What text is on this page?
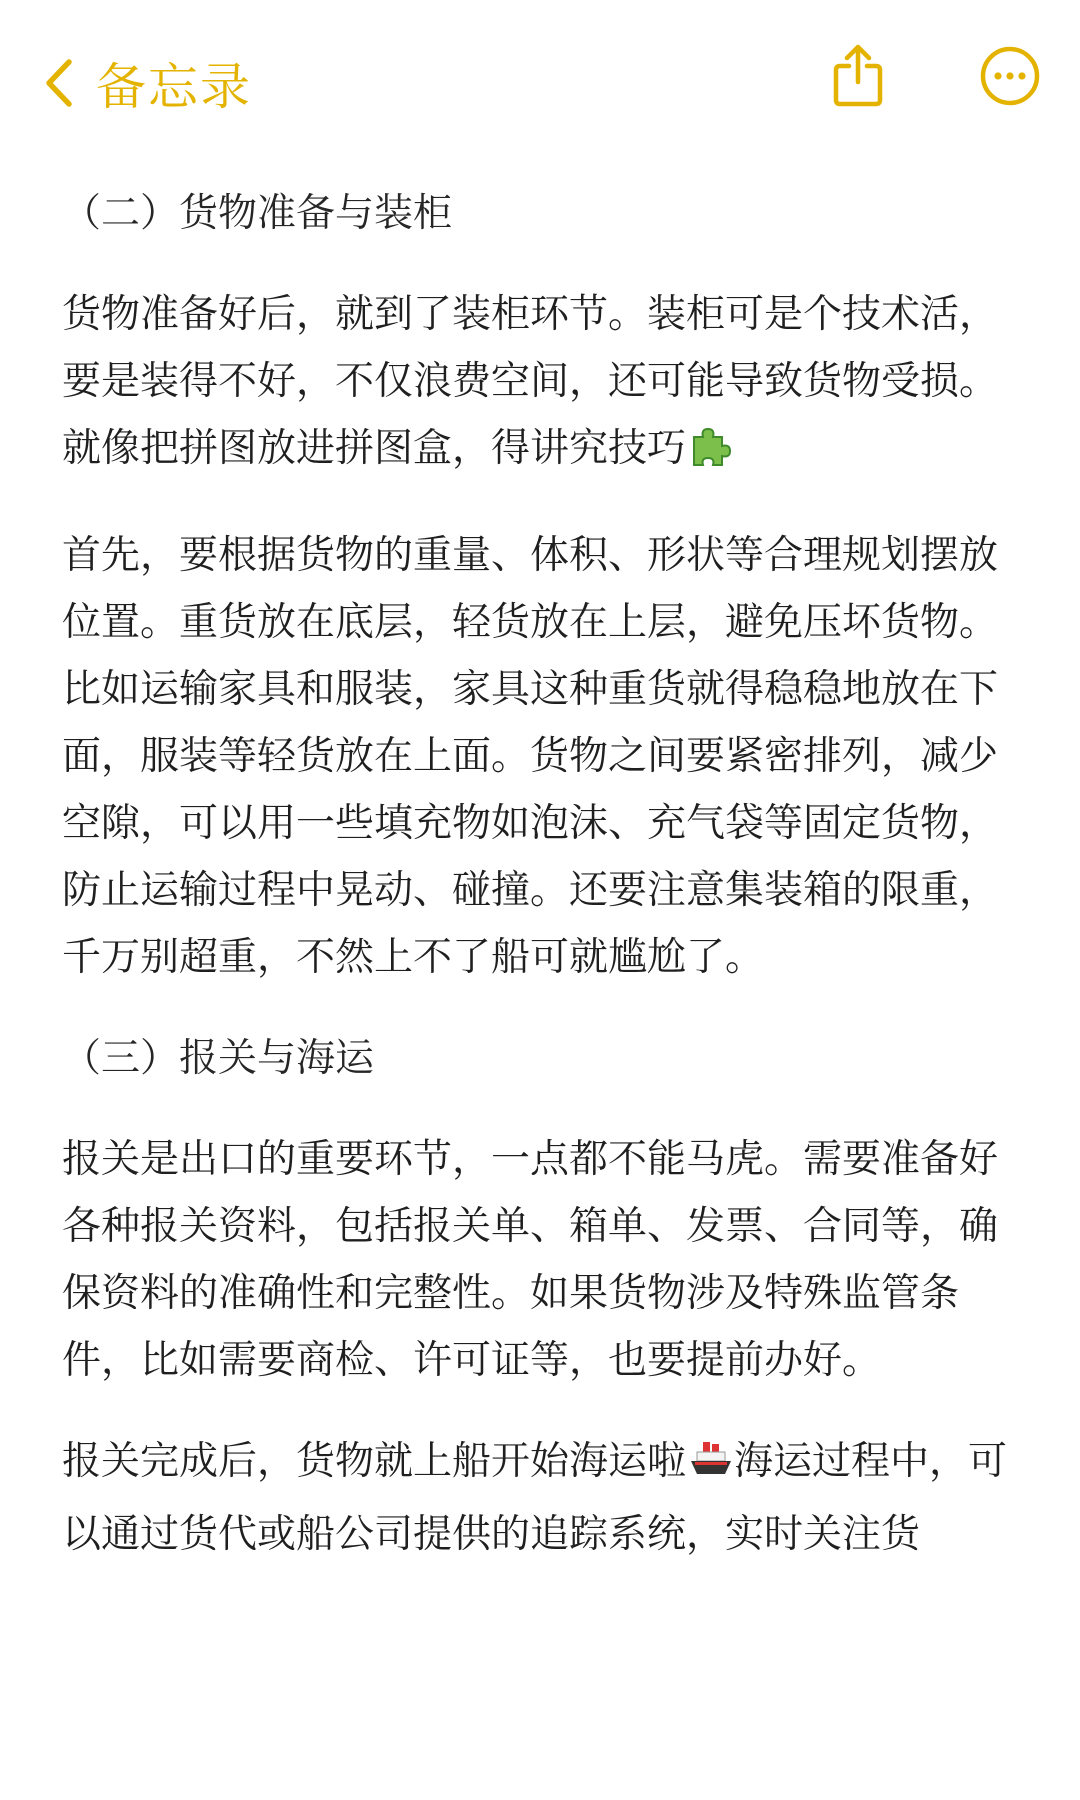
备忘录
（二）货物准备与装柜
货物准备好后，就到了装柜环节。装柜可是个技术活，要是装得不好，不仅浪费空间，还可能导致货物受损。就像把拼图放进拼图盒，得讲究技巧
首先，要根据货物的重量、体积、形状等合理规划摆放位置。重货放在底层，轻货放在上层，避免压坏货物。比如运输家具和服装，家具这种重货就得稳稳地放在下面，服装等轻货放在上面。货物之间要紧密排列，减少空隙，可以用一些填充物如泡沫、充气袋等固定货物，防止运输过程中晃动、碰撞。还要注意集装箱的限重，千万别超重，不然上不了船可就尴尬了。
（三）报关与海运
报关是出口的重要环节，一点都不能马虎。需要准备好各种报关资料，包括报关单、箱单、发票、合同等，确保资料的准确性和完整性。如果货物涉及特殊监管条件，比如需要商检、许可证等，也要提前办好。
报关完成后，货物就上船开始海运啦 海运过程中，可以通过货代或船公司提供的追踪系统，实时关注货
